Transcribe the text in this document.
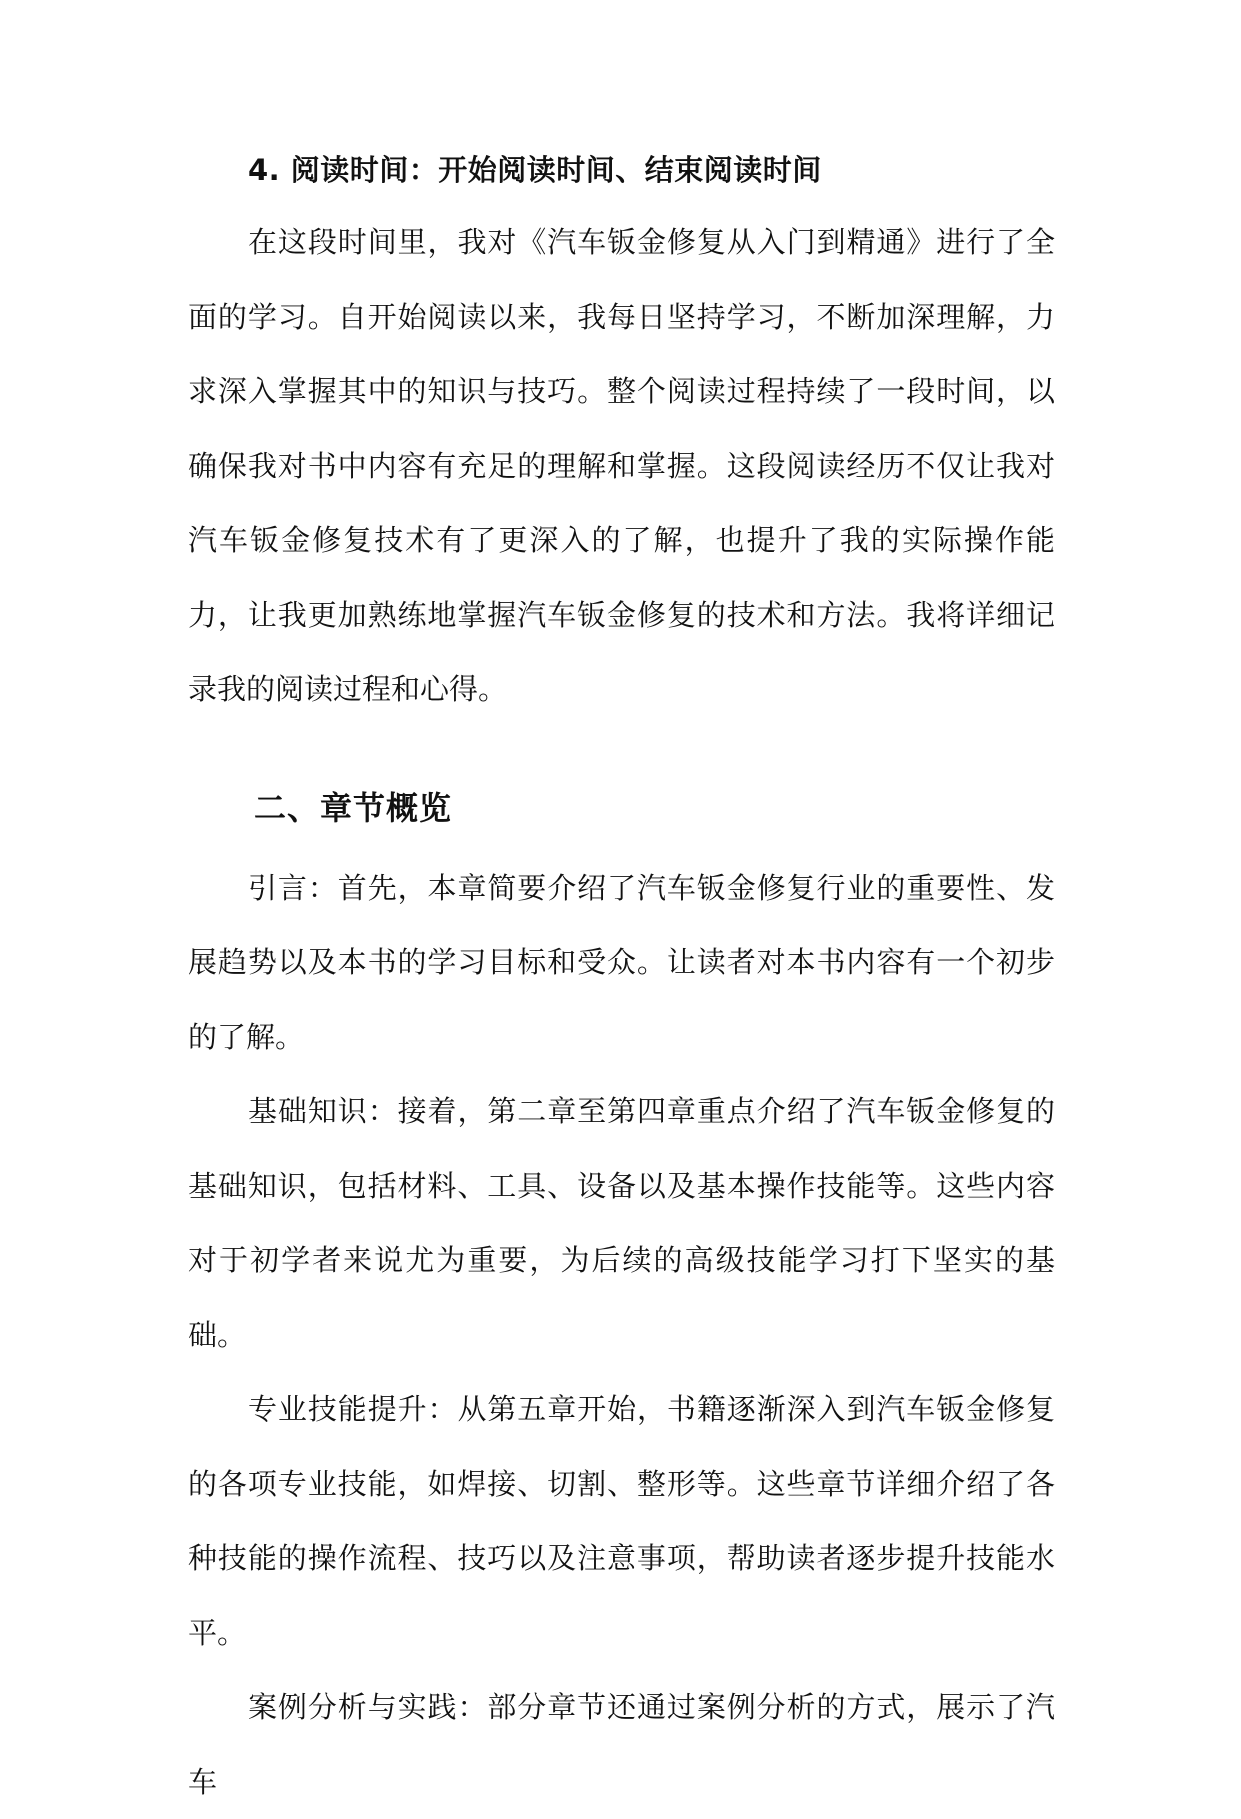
4. 阅读时间：开始阅读时间、结束阅读时间

在这段时间里，我对《汽车钣金修复从入门到精通》进行了全面的学习。自开始阅读以来，我每日坚持学习，不断加深理解，力求深入掌握其中的知识与技巧。整个阅读过程持续了一段时间，以确保我对书中内容有充足的理解和掌握。这段阅读经历不仅让我对汽车钣金修复技术有了更深入的了解，也提升了我的实际操作能力，让我更加熟练地掌握汽车钣金修复的技术和方法。我将详细记录我的阅读过程和心得。

二、章节概览

引言：首先，本章简要介绍了汽车钣金修复行业的重要性、发展趋势以及本书的学习目标和受众。让读者对本书内容有一个初步的了解。

基础知识：接着，第二章至第四章重点介绍了汽车钣金修复的基础知识，包括材料、工具、设备以及基本操作技能等。这些内容对于初学者来说尤为重要，为后续的高级技能学习打下坚实的基础。

专业技能提升：从第五章开始，书籍逐渐深入到汽车钣金修复的各项专业技能，如焊接、切割、整形等。这些章节详细介绍了各种技能的操作流程、技巧以及注意事项，帮助读者逐步提升技能水平。

案例分析与实践：部分章节还通过案例分析的方式，展示了汽车
